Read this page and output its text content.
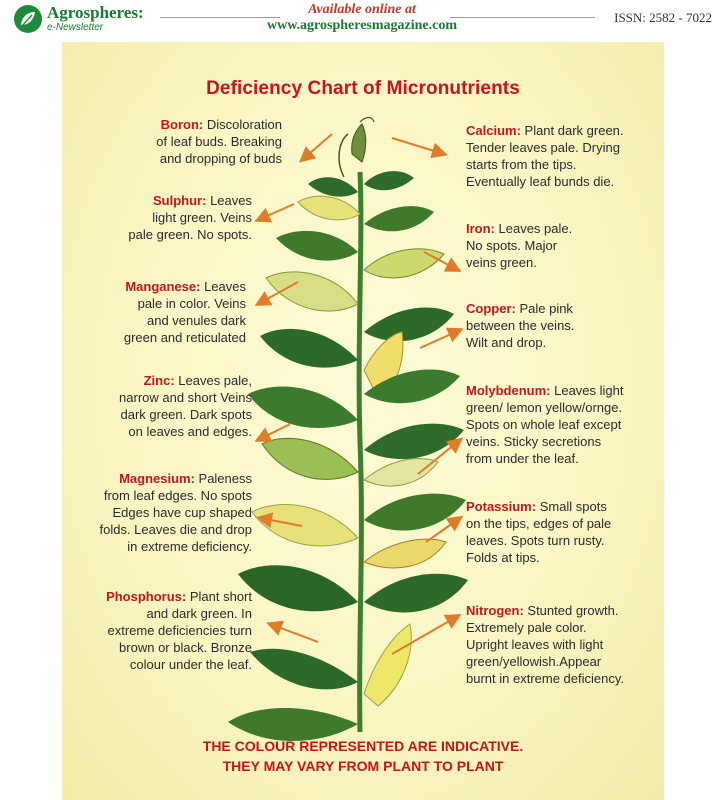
Agrospheres:
e-Newsletter
Available online at
www.agrospheresmagazine.com
ISSN: 2582 - 7022
Deficiency Chart of Micronutrients
Boron: Discoloration
of leaf buds. Breaking
and dropping of buds
Sulphur: Leaves
light green. Veins
pale green. No spots.
Manganese: Leaves
pale in color. Veins
and venules dark
green and reticulated
Zinc: Leaves pale,
narrow and short Veins
dark green. Dark spots
on leaves and edges.
Magnesium: Paleness
from leaf edges. No spots
Edges have cup shaped
folds. Leaves die and drop
in extreme deficiency.
Phosphorus: Plant short
and dark green. In
extreme deficiencies turn
brown or black. Bronze
colour under the leaf.
Calcium: Plant dark green.
Tender leaves pale. Drying
starts from the tips.
Eventually leaf bunds die.
Iron: Leaves pale.
No spots. Major
veins green.
Copper: Pale pink
between the veins.
Wilt and drop.
Molybdenum: Leaves light
green/ lemon yellow/ornge.
Spots on whole leaf except
veins. Sticky secretions
from under the leaf.
Potassium: Small spots
on the tips, edges of pale
leaves. Spots turn rusty.
Folds at tips.
Nitrogen: Stunted growth.
Extremely pale color.
Upright leaves with light
green/yellowish.Appear
burnt in extreme deficiency.
THE COLOUR REPRESENTED ARE INDICATIVE.
THEY MAY VARY FROM PLANT TO PLANT
